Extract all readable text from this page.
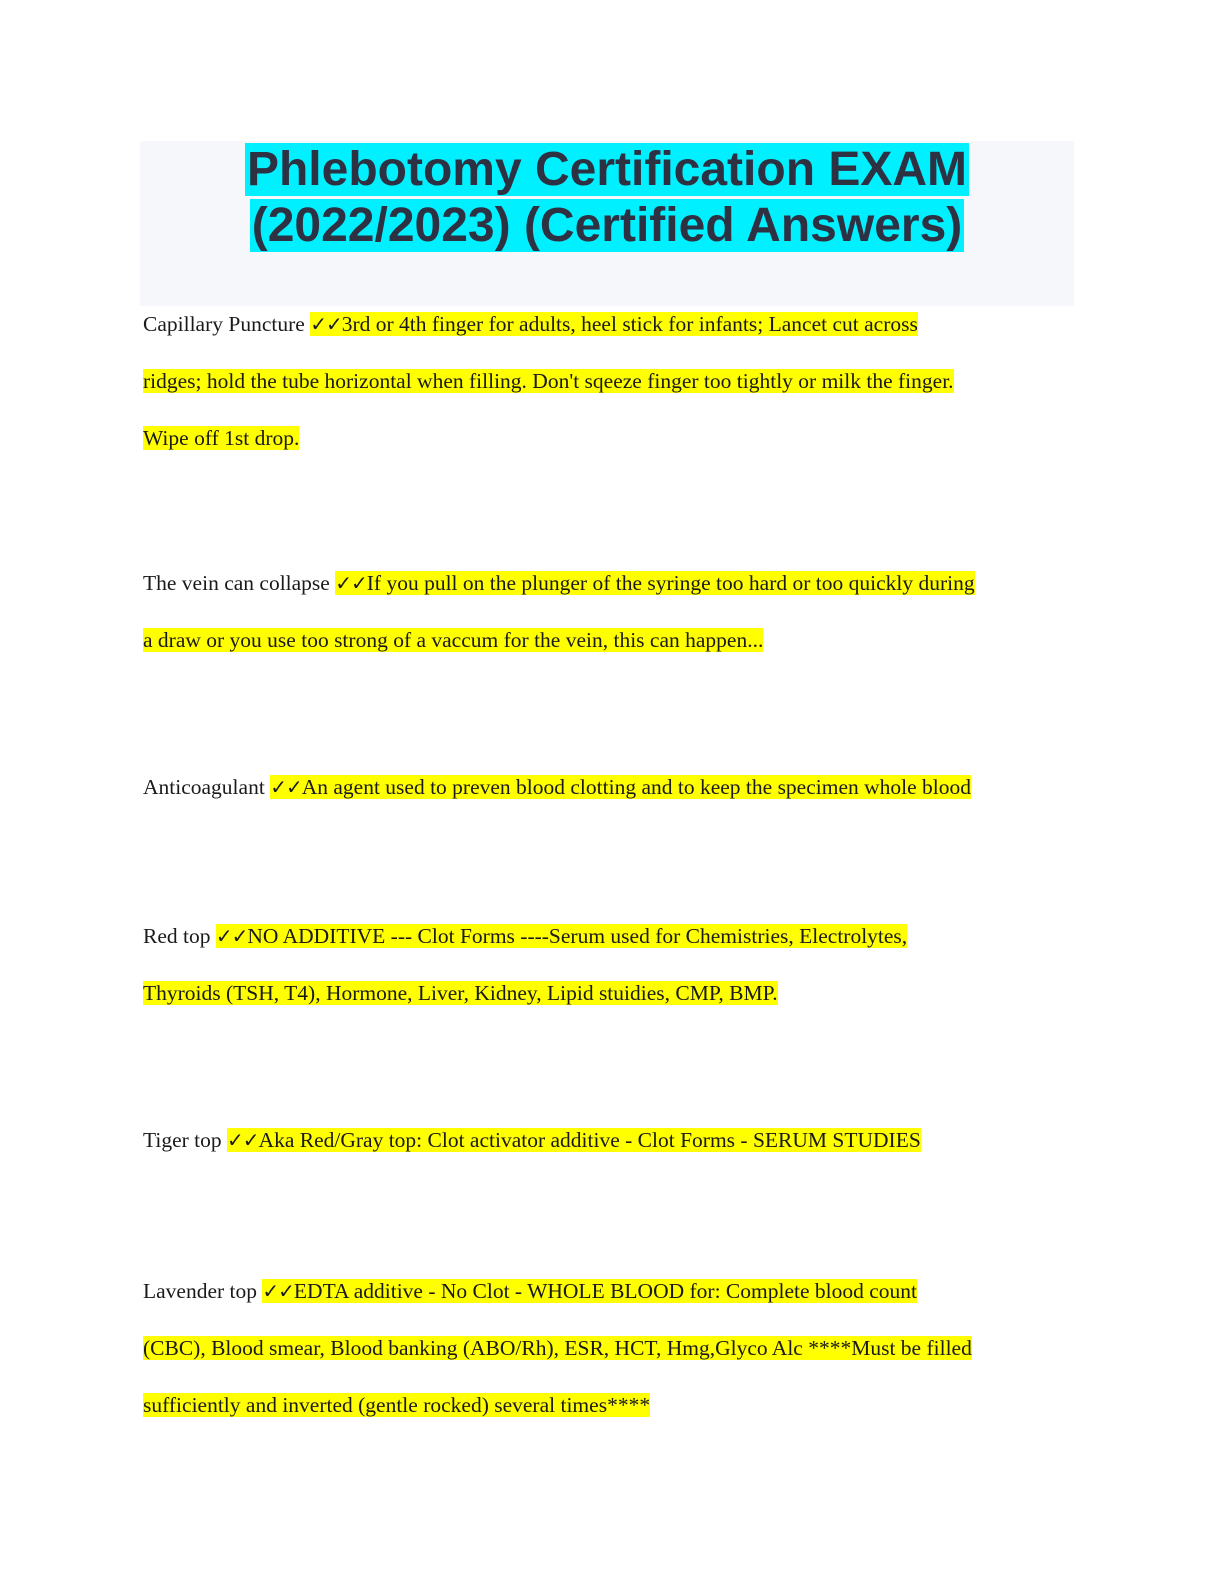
Phlebotomy Certification EXAM
(2022/2023) (Certified Answers)

Capillary Puncture ✓✓3rd or 4th finger for adults, heel stick for infants; Lancet cut across
ridges; hold the tube horizontal when filling. Don't sqeeze finger too tightly or milk the finger.
Wipe off 1st drop.

The vein can collapse ✓✓If you pull on the plunger of the syringe too hard or too quickly during
a draw or you use too strong of a vaccum for the vein, this can happen...

Anticoagulant ✓✓An agent used to preven blood clotting and to keep the specimen whole blood

Red top ✓✓NO ADDITIVE --- Clot Forms ----Serum used for Chemistries, Electrolytes,
Thyroids (TSH, T4), Hormone, Liver, Kidney, Lipid stuidies, CMP, BMP.

Tiger top ✓✓Aka Red/Gray top: Clot activator additive - Clot Forms - SERUM STUDIES

Lavender top ✓✓EDTA additive - No Clot - WHOLE BLOOD for: Complete blood count
(CBC), Blood smear, Blood banking (ABO/Rh), ESR, HCT, Hmg,Glyco Alc ****Must be filled
sufficiently and inverted (gentle rocked) several times****
